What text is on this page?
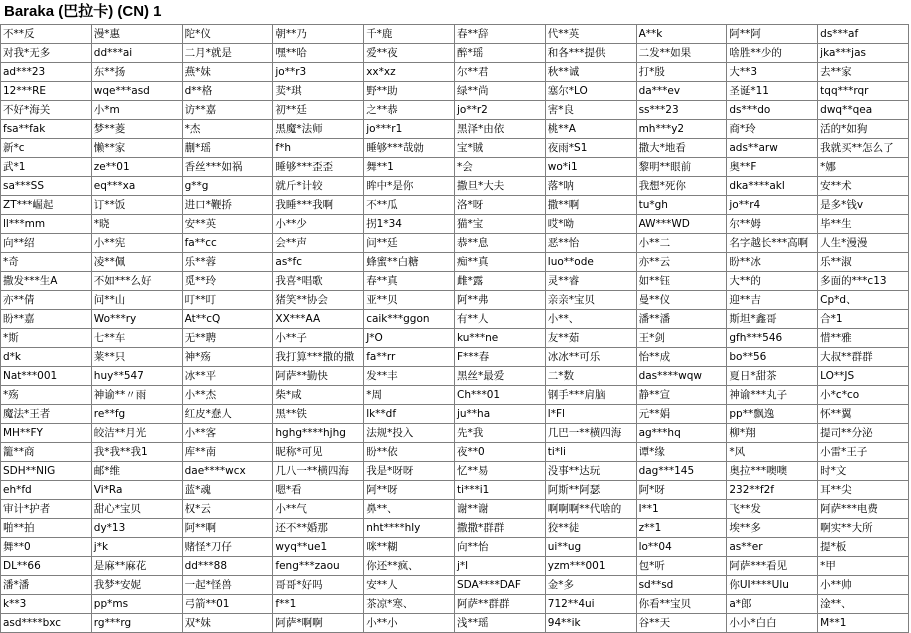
Baraka (巴拉卡) (CN) 1
不**反	漫*惠	陀*仪	朝**乃	千*鹿	春**辞	代**英	A**k	阿**阿	ds***af
对我*无多	dd***ai	二月*就是	嘿**哈	爱**夜	醉*瑶	和各***提供	二发**如果	啥胜**少的	jka***jas
ad***23	东**扬	燕*妹	jo**r3	xx*xz	尔**君	秋**诚	打*殷	大**3	去**家
12***RE	wqe***asd	d**格	荬*琪	野**助	绿**尚	塞尔*LO	da***ev	圣诞*11	tqq***rqr
不好*海关	小*m	访**嘉	初**廷	之**恭	jo**r2	害*良	ss***23	ds***do	dwq**qea
fsa**fak	梦**菱	*杰	黑魔*法师	jo***r1	黑泽*由依	桃**A	mh***y2	商*玲	活的*如狗
新*c	懒**家	蒯*瑶	f*h	睡够***哉勍	宝*賊	夜雨*S1	撒大*地看	ads**arw	我就买**怎么了
武*1	ze**01	香丝***如祸	睡够***歪歪	舞**1	*会	wo*i1	黎明**眼前	奥**F	*娜
sa***SS	eq***xa	g**g	就斤*计较	眸中*是你	撒旦*大夫	落*呐	我想*死你	dka****akl	安**术
ZT***崛起	订**饭	进口*鞭挢	我睡***我啊	不**瓜	洛*呀	撒**啊	tu*gh	jo**r4	是多*钱v
ll***mm	*晓	安**英	小**少	拐1*34	猫*宝	哎*呦	AW***WD	尔**姆	毕**生
向**绍	小**宪	fa**cc	会**声	问**廷	恭**息	恶**怡	小**二	名字越长***高啊	人生*漫漫
*奇	凌**佩	乐**蓉	as*fc	蜂蜜**白糖	痴**真	luo**ode	亦**云	盼**冰	乐**淑
撒发***生A	不如***么好	觅**玲	我喜*唱歌	春**真	雌*露	灵**睿	如**钰	大**的	多面的***c13
亦**倩	问**山	叮**叮	猪笑**协会	亚**贝	阿**弗	亲亲*宝贝	曼**仪	迎**吉	Cp*d、
盼**嘉	Wo***ry	At**cQ	XX***AA	caik***ggon	有**人	小**、	潘**潘	斯坦*鑫哥	合*1
*斯	七**车	无**聘	小**子	J*O	ku***ne	友**茹	王*剑	gfh***546	惜**雅
d*k	莱**只	神*殇	我打算***撒的撒	fa**rr	F***春	冰冰**可乐	怡**成	bo**56	大叔**群群
Nat***001	huy**547	冰**平	阿萨**勤快	发**丰	黑丝*最爱	二*数	das****wqw	夏日*甜茶	LO**JS
*殇	神谕**〃雨	小**杰	柴*咸	*周	Ch***01	钢手***肩脑	静**宣	神谕***丸子	小*c*co
魔法*王者	re**fg	红皮*惷人	黑**铁	lk**df	ju**ha	l*Fl	元**娟	pp**飘逸	怀**翼
MH**FY	皎洁**月光	小**客	hghg****hjhg	法规*投入	先*我	几巴一**横四海	ag***hq	柳*翔	提司**分泌
籠**商	我*我**我1	库**南	昵称*可见	盼**依	夜**0	ti*li	谭*缘	*风	小雷*王子
SDH**NIG	邮*维	dae****wcx	几八一**横四海	我是*呀呀	忆**易	没事**达玩	dag***145	奥拉***噢噢	时*文
eh*fd	Vi*Ra	蓝*魂	嗯*看	阿**呀	ti***i1	阿斯**阿瑟	阿*呀	232**f2f	耳**尖
审计*护者	甜心*宝贝	权*云	小**气	鼻**、	谢**谢	啊啊啊**代啥的	l**1	飞**发	阿萨***电费
啪**拍	dy*13	阿**啊	还不**婚那	nht****hly	撒撒*群群	狡**徒	z**1	埃**多	啊实**大所
舞**0	j*k	赌怪*刀仔	wyq**ue1	咪**糊	向**怡	ui**ug	lo**04	as**er	提*板
DL**66	是麻**麻花	dd***88	feng***zaou	你还**疯、	j*l	yzm***001	包*听	阿萨***看见	*甲
潘*潘	我梦*安妮	一起*怪兽	哥哥*好吗	安**人	SDA****DAF	金*多	sd**sd	你UI****Ulu	小**帅
k**3	pp*ms	弓箭**01	f**1	茶凉*寒、	阿萨**群群	712**4ui	你看**宝贝	a*郎	淦**、
asd****bxc	rg***rg	双*妹	阿萨*啊啊	小**小	浅**瑶	94**ik	谷**天	小小*白白	M**1
